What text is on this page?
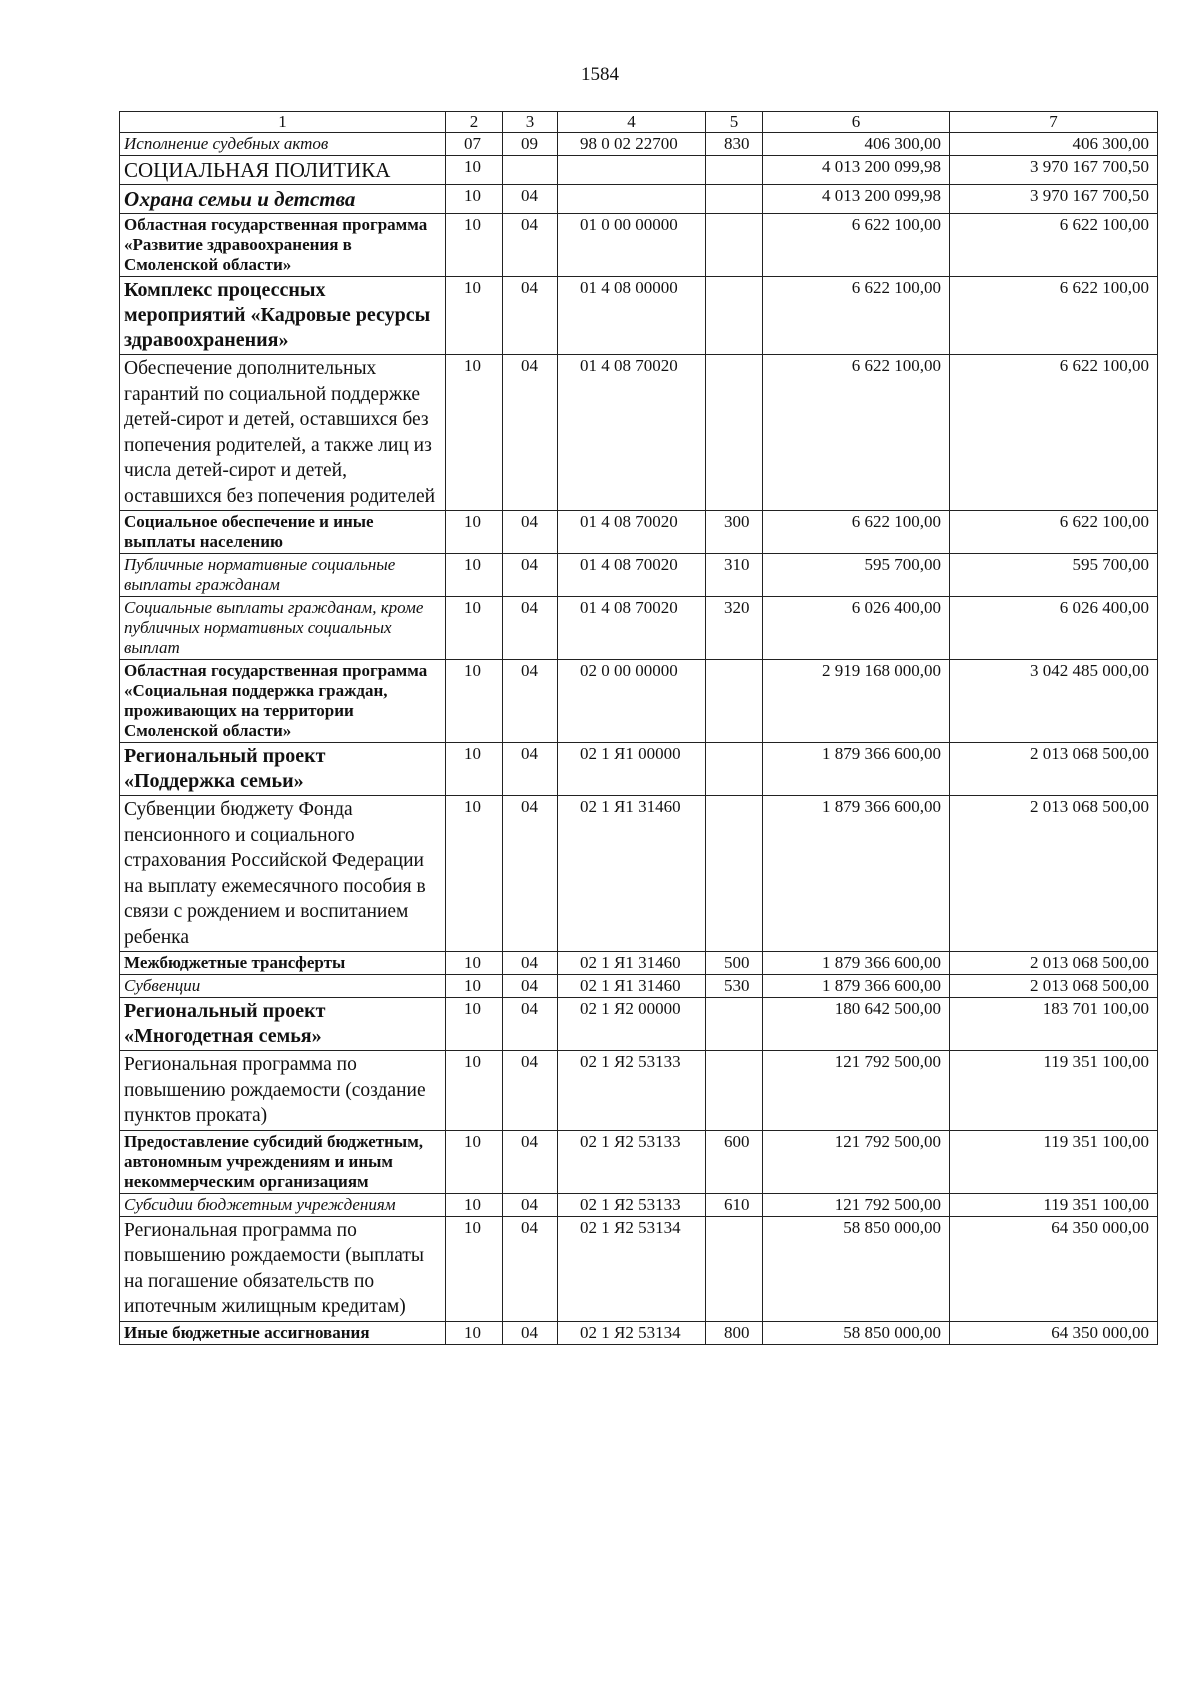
1584
1	2	3	4	5	6	7
Исполнение судебных актов	07	09	98 0 02 22700	830	406 300,00	406 300,00
СОЦИАЛЬНАЯ ПОЛИТИКА	10				4 013 200 099,98	3 970 167 700,50
Охрана семьи и детства	10	04			4 013 200 099,98	3 970 167 700,50
Областная государственная программа «Развитие здравоохранения в Смоленской области»	10	04	01 0 00 00000		6 622 100,00	6 622 100,00
Комплекс процессных мероприятий «Кадровые ресурсы здравоохранения»	10	04	01 4 08 00000		6 622 100,00	6 622 100,00
Обеспечение дополнительных гарантий по социальной поддержке детей-сирот и детей, оставшихся без попечения родителей, а также лиц из числа детей-сирот и детей, оставшихся без попечения родителей	10	04	01 4 08 70020		6 622 100,00	6 622 100,00
Социальное обеспечение и иные выплаты населению	10	04	01 4 08 70020	300	6 622 100,00	6 622 100,00
Публичные нормативные социальные выплаты гражданам	10	04	01 4 08 70020	310	595 700,00	595 700,00
Социальные выплаты гражданам, кроме публичных нормативных социальных выплат	10	04	01 4 08 70020	320	6 026 400,00	6 026 400,00
Областная государственная программа «Социальная поддержка граждан, проживающих на территории Смоленской области»	10	04	02 0 00 00000		2 919 168 000,00	3 042 485 000,00
Региональный проект «Поддержка семьи»	10	04	02 1 Я1 00000		1 879 366 600,00	2 013 068 500,00
Субвенции бюджету Фонда пенсионного и социального страхования Российской Федерации на выплату ежемесячного пособия в связи с рождением и воспитанием ребенка	10	04	02 1 Я1 31460		1 879 366 600,00	2 013 068 500,00
Межбюджетные трансферты	10	04	02 1 Я1 31460	500	1 879 366 600,00	2 013 068 500,00
Субвенции	10	04	02 1 Я1 31460	530	1 879 366 600,00	2 013 068 500,00
Региональный проект «Многодетная семья»	10	04	02 1 Я2 00000		180 642 500,00	183 701 100,00
Региональная программа по повышению рождаемости (создание пунктов проката)	10	04	02 1 Я2 53133		121 792 500,00	119 351 100,00
Предоставление субсидий бюджетным, автономным учреждениям и иным некоммерческим организациям	10	04	02 1 Я2 53133	600	121 792 500,00	119 351 100,00
Субсидии бюджетным учреждениям	10	04	02 1 Я2 53133	610	121 792 500,00	119 351 100,00
Региональная программа по повышению рождаемости (выплаты на погашение обязательств по ипотечным жилищным кредитам)	10	04	02 1 Я2 53134		58 850 000,00	64 350 000,00
Иные бюджетные ассигнования	10	04	02 1 Я2 53134	800	58 850 000,00	64 350 000,00
